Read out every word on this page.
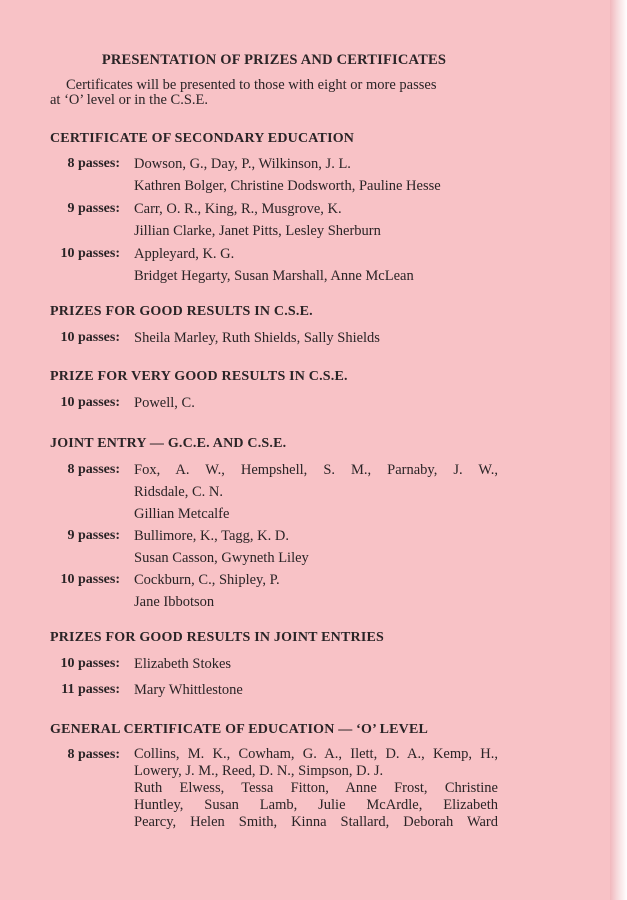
PRESENTATION OF PRIZES AND CERTIFICATES
Certificates will be presented to those with eight or more passes
at ‘O’ level or in the C.S.E.
CERTIFICATE OF SECONDARY EDUCATION
8 passes: Dowson, G., Day, P., Wilkinson, J. L.
Kathren Bolger, Christine Dodsworth, Pauline Hesse
9 passes: Carr, O. R., King, R., Musgrove, K.
Jillian Clarke, Janet Pitts, Lesley Sherburn
10 passes: Appleyard, K. G.
Bridget Hegarty, Susan Marshall, Anne McLean
PRIZES FOR GOOD RESULTS IN C.S.E.
10 passes: Sheila Marley, Ruth Shields, Sally Shields
PRIZE FOR VERY GOOD RESULTS IN C.S.E.
10 passes: Powell, C.
JOINT ENTRY — G.C.E. AND C.S.E.
8 passes: Fox, A. W., Hempshell, S. M., Parnaby, J. W.,
Ridsdale, C. N.
Gillian Metcalfe
9 passes: Bullimore, K., Tagg, K. D.
Susan Casson, Gwyneth Liley
10 passes: Cockburn, C., Shipley, P.
Jane Ibbotson
PRIZES FOR GOOD RESULTS IN JOINT ENTRIES
10 passes: Elizabeth Stokes
11 passes: Mary Whittlestone
GENERAL CERTIFICATE OF EDUCATION — ‘O’ LEVEL
8 passes: Collins, M. K., Cowham, G. A., Ilett, D. A., Kemp, H.,
Lowery, J. M., Reed, D. N., Simpson, D. J.
Ruth Elwess, Tessa Fitton, Anne Frost, Christine
Huntley, Susan Lamb, Julie McArdle, Elizabeth
Pearcy, Helen Smith, Kinna Stallard, Deborah Ward
